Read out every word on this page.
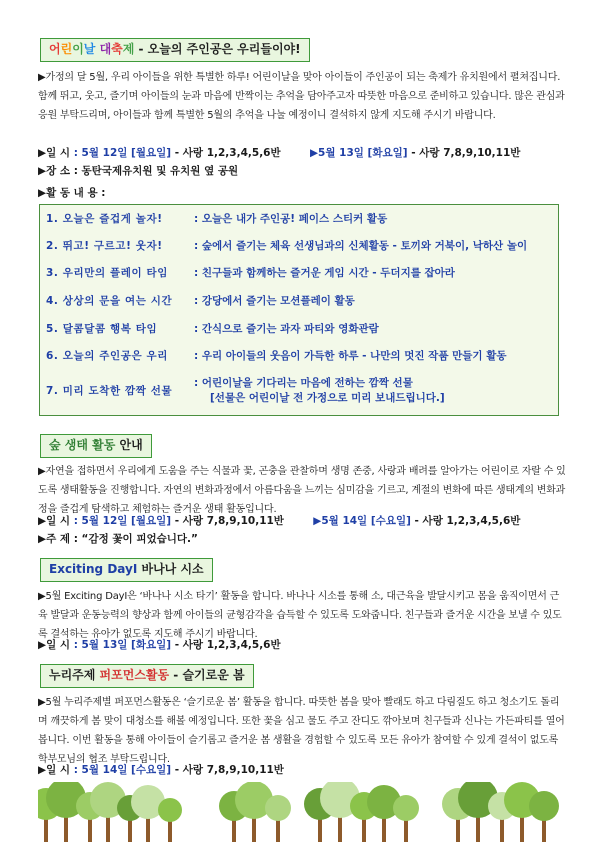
어린이날 대축제 - 오늘의 주인공은 우리들이야!
▶가정의 달 5월, 우리 아이들을 위한 특별한 하루! 어린이날을 맞아 아이들이 주인공이 되는 축제가 유치원에서 펼쳐집니다. 함께 뛰고, 웃고, 즐기며 아이들의 눈과 마음에 반짝이는 추억을 담아주고자 따뜻한 마음으로 준비하고 있습니다. 많은 관심과 응원 부탁드리며, 아이들과 함께 특별한 5월의 추억을 나눌 예정이니 결석하지 않게 지도해 주시기 바랍니다.
▶일 시 : 5월 12일 [월요일] - 사랑 1,2,3,4,5,6반	▶5월 13일 [화요일] - 사랑 7,8,9,10,11반
▶장 소 : 동탄국제유치원 및 유치원 옆 공원
▶활 동 내 용 :
1. 오늘은 즐겁게 놀자!	: 오늘은 내가 주인공! 페이스 스티커 활동
2. 뛰고! 구르고! 웃자!	: 숲에서 즐기는 체육 선생님과의 신체활동 - 토끼와 거북이, 낙하산 놀이
3. 우리만의 플레이 타임 : 친구들과 함께하는 즐거운 게임 시간 - 두더지를 잡아라
4. 상상의 문을 여는 시간 : 강당에서 즐기는 모션플레이 활동
5. 달콤달콤 행복 타임	: 간식으로 즐기는 과자 파티와 영화관람
6. 오늘의 주인공은 우리 : 우리 아이들의 웃음이 가득한 하루 - 나만의 멋진 작품 만들기 활동
7. 미리 도착한 깜짝 선물: 어린이날을 기다리는 마음에 전하는 깜짝 선물
[선물은 어린이날 전 가정으로 미리 보내드립니다.]
숲 생태 활동 안내
▶자연을 접하면서 우리에게 도움을 주는 식물과 꽃, 곤충을 관찰하며 생명 존중, 사랑과 배려를 알아가는 어린이로 자랄 수 있도록 생태활동을 진행합니다. 자연의 변화과정에서 아름다움을 느끼는 심미감을 기르고, 계절의 변화에 따른 생태계의 변화과정을 즐겁게 탐색하고 체험하는 즐거운 생태 활동입니다.
▶일 시 : 5월 12일 [월요일] - 사랑 7,8,9,10,11반	▶5월 14일 [수요일] - 사랑 1,2,3,4,5,6반
▶주 제 : “감정 꽃이 피었습니다.”
Exciting DayⅠ 바나나 시소
▶5월 Exciting DayⅠ은 ‘바나나 시소 타기’ 활동을 합니다. 바나나 시소를 통해 소, 대근육을 발달시키고 몸을 움직이면서 근육 발달과 운동능력의 향상과 함께 아이들의 균형감각을 습득할 수 있도록 도와줍니다. 친구들과 즐거운 시간을 보낼 수 있도록 결석하는 유아가 없도록 지도해 주시기 바랍니다.
▶일 시 : 5월 13일 [화요일] - 사랑 1,2,3,4,5,6반
누리주제 퍼포먼스활동 - 슬기로운 봄
▶5월 누리주제별 퍼포먼스활동은 ‘슬기로운 봄’ 활동을 합니다. 따뜻한 봄을 맞아 빨래도 하고 다림질도 하고 청소기도 돌리며 깨끗하게 봄 맞이 대청소를 해볼 예정입니다. 또한 꽃을 심고 물도 주고 잔디도 깎아보며 친구들과 신나는 가든파티를 열어봅니다. 이번 활동을 통해 아이들이 슬기롭고 즐거운 봄 생활을 경험할 수 있도록 모든 유아가 참여할 수 있게 결석이 없도록 학부모님의 협조 부탁드립니다.
▶일 시 : 5월 14일 [수요일] - 사랑 7,8,9,10,11반
